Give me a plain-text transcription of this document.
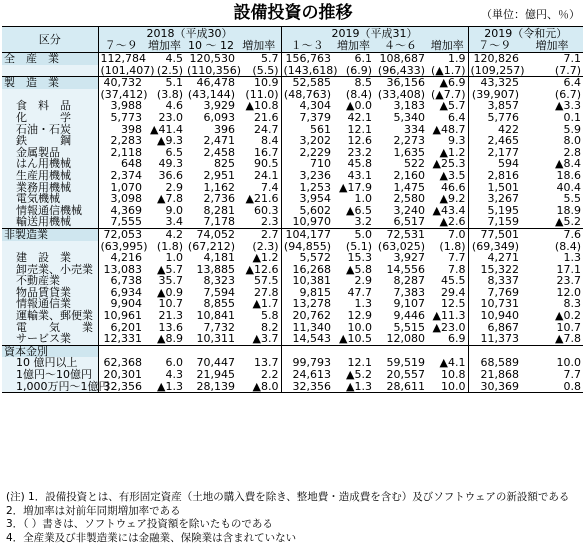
設備投資の推移	（単位：億円、％）
区分	2018（平成30）				2019（平成31）				2019（令和元）	
	７～９	増加率	10 ～ 12	増加率	１～３	増加率	４～６	増加率	７～９	増加率
全　産　業	112,784	4.5	120,530	5.7	156,763	6.1	108,687	1.9	120,826	7.1
	(101,407)	(2.5)	(110,356)	(5.5)	(143,618)	(6.9)	(96,433)	(▲1.7)	(109,257)	(7.7)
製　造　業	40,732	5.1	46,478	10.9	52,585	8.5	36,156	▲6.9	43,325	6.4
	(37,412)	(3.8)	(43,144)	(11.0)	(48,763)	(8.4)	(33,408)	(▲7.7)	(39,907)	(6.7)
食　料　品	3,988	4.6	3,929	▲10.8	4,304	▲0.0	3,183	▲5.7	3,857	▲3.3
化　　　学	5,773	23.0	6,093	21.6	7,379	42.1	5,340	6.4	5,776	0.1
石油・石炭	398	▲41.4	396	24.7	561	12.1	334	▲48.7	422	5.9
鉄　　　鋼	2,283	▲9.3	2,471	8.4	3,202	12.6	2,273	9.3	2,465	8.0
金属製品	2,118	6.5	2,458	16.7	2,229	23.2	1,635	▲1.2	2,177	2.8
はん用機械	648	49.3	825	90.5	710	45.8	522	▲25.3	594	▲8.4
生産用機械	2,374	36.6	2,951	24.1	3,236	43.1	2,160	▲3.5	2,816	18.6
業務用機械	1,070	2.9	1,162	7.4	1,253	▲17.9	1,475	46.6	1,501	40.4
電気機械	3,098	▲7.8	2,736	▲21.6	3,954	1.0	2,580	▲9.2	3,267	5.5
情報通信機械	4,369	9.0	8,281	60.3	5,602	▲6.5	3,240	▲43.4	5,195	18.9
輸送用機械	7,555	3.4	7,178	2.3	10,970	3.2	6,517	▲2.6	7,159	▲5.2
非製造業	72,053	4.2	74,052	2.7	104,177	5.0	72,531	7.0	77,501	7.6
	(63,995)	(1.8)	(67,212)	(2.3)	(94,855)	(5.1)	(63,025)	(1.8)	(69,349)	(8.4)
建　設　業	4,216	1.0	4,181	▲1.2	5,572	15.3	3,927	7.7	4,271	1.3
卸売業、小売業	13,083	▲5.7	13,885	▲12.6	16,268	▲5.8	14,556	7.8	15,322	17.1
不動産業	6,738	35.7	8,323	57.5	10,381	2.9	8,287	45.5	8,337	23.7
物品賃貸業	6,934	▲0.9	7,594	27.8	9,815	47.7	7,383	29.4	7,769	12.0
情報通信業	9,904	10.7	8,855	▲1.7	13,278	1.3	9,107	12.5	10,731	8.3
運輸業、郵便業	10,961	21.3	10,841	5.8	20,762	12.9	9,446	▲11.3	10,940	▲0.2
電　　気　　業	6,201	13.6	7,732	8.2	11,340	10.0	5,515	▲23.0	6,867	10.7
サービス業	12,331	▲8.9	10,311	▲3.7	14,543	▲10.5	12,080	6.9	11,373	▲7.8
資本金別										
10 億円以上	62,368	6.0	70,447	13.7	99,793	12.1	59,519	▲4.1	68,589	10.0
1億円～10億円	20,301	4.3	21,945	2.2	24,613	▲5.2	20,557	10.8	21,868	7.7
1,000万円～1億円	32,356	▲1.3	28,139	▲8.0	32,356	▲1.3	28,611	10.0	30,369	0.8
(注) 1．設備投資とは、有形固定資産（土地の購入費を除き、整地費・造成費を含む）及びソフトウェアの新設額である
2．増加率は対前年同期増加率である
3．（ ）書きは、ソフトウェア投資額を除いたものである
4．全産業及び非製造業には金融業、保険業は含まれていない
